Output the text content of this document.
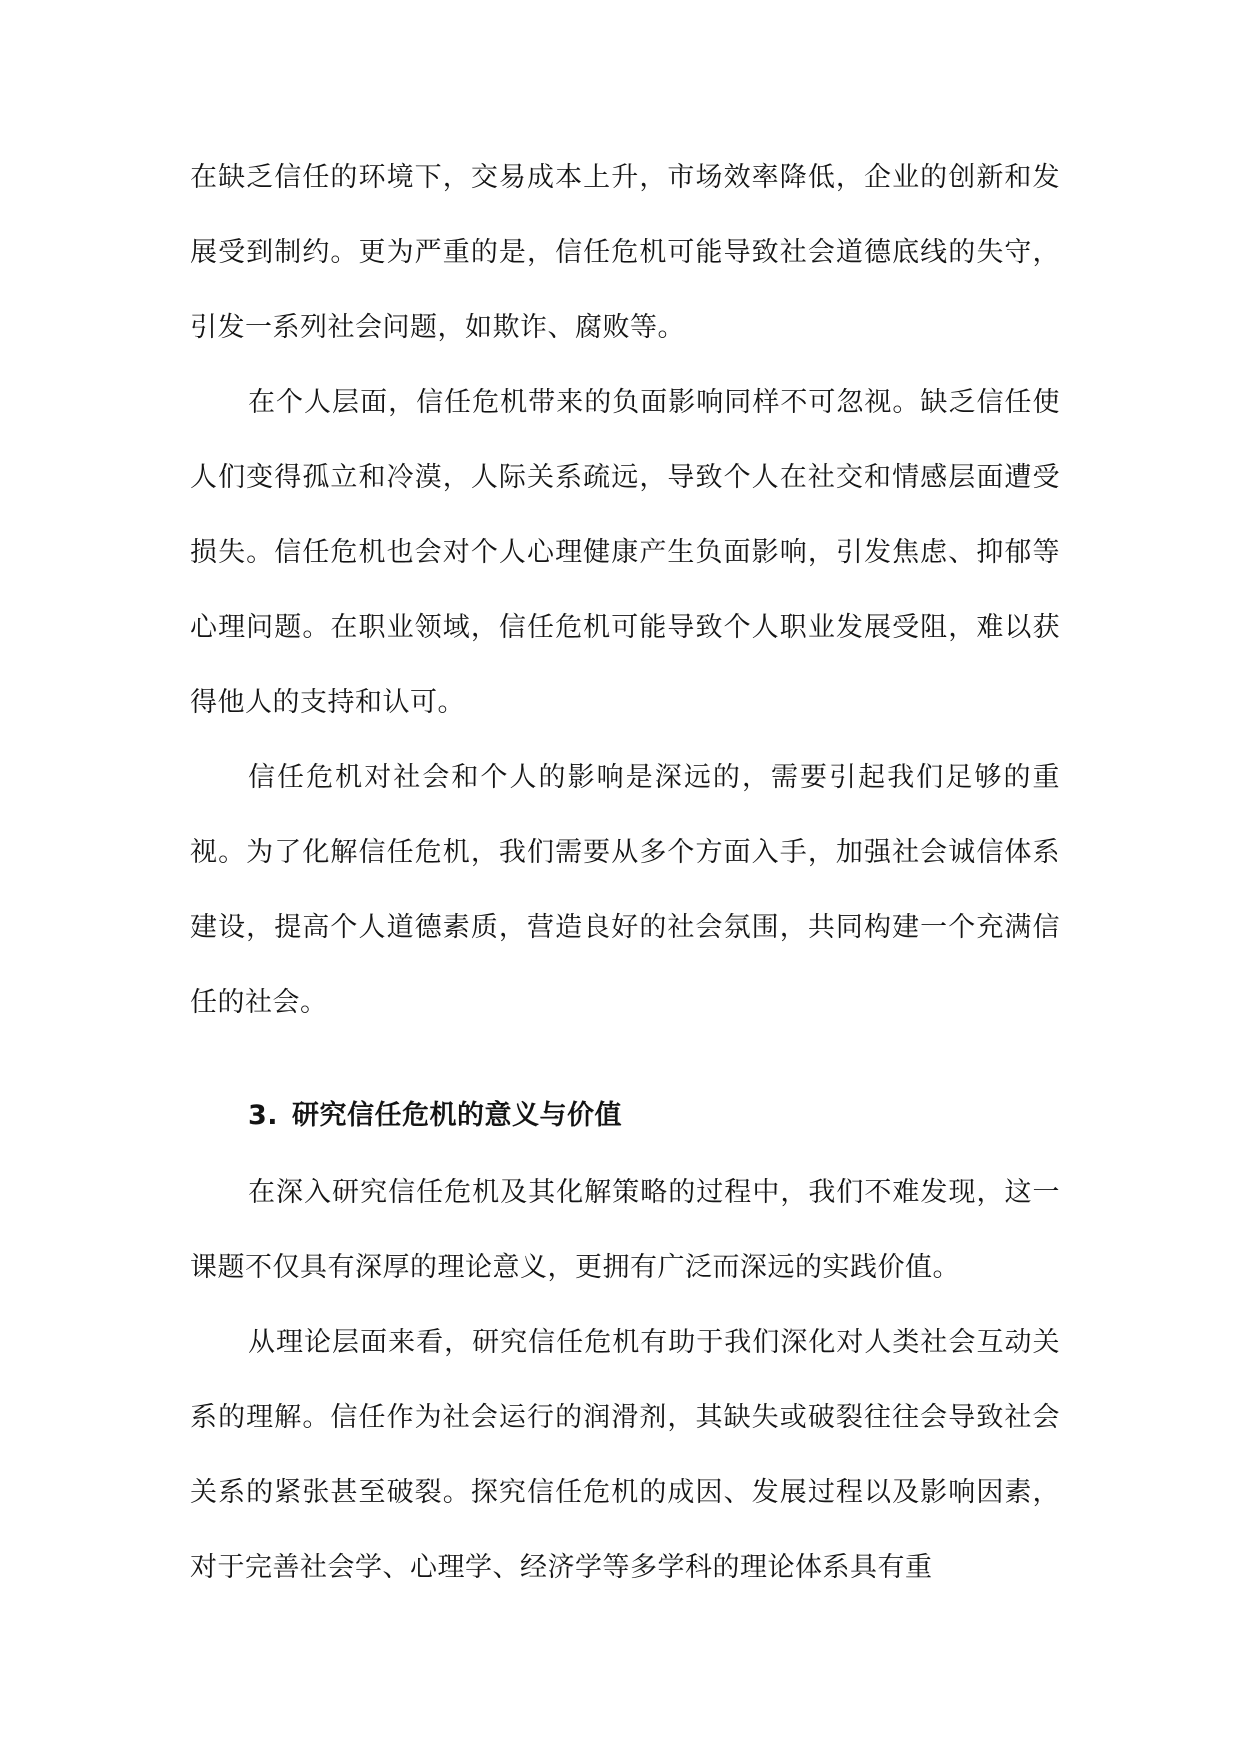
在缺乏信任的环境下，交易成本上升，市场效率降低，企业的创新和发展受到制约。更为严重的是，信任危机可能导致社会道德底线的失守，引发一系列社会问题，如欺诈、腐败等。

在个人层面，信任危机带来的负面影响同样不可忽视。缺乏信任使人们变得孤立和冷漠，人际关系疏远，导致个人在社交和情感层面遭受损失。信任危机也会对个人心理健康产生负面影响，引发焦虑、抑郁等心理问题。在职业领域，信任危机可能导致个人职业发展受阻，难以获得他人的支持和认可。

信任危机对社会和个人的影响是深远的，需要引起我们足够的重视。为了化解信任危机，我们需要从多个方面入手，加强社会诚信体系建设，提高个人道德素质，营造良好的社会氛围，共同构建一个充满信任的社会。

3. 研究信任危机的意义与价值

在深入研究信任危机及其化解策略的过程中，我们不难发现，这一课题不仅具有深厚的理论意义，更拥有广泛而深远的实践价值。

从理论层面来看，研究信任危机有助于我们深化对人类社会互动关系的理解。信任作为社会运行的润滑剂，其缺失或破裂往往会导致社会关系的紧张甚至破裂。探究信任危机的成因、发展过程以及影响因素，对于完善社会学、心理学、经济学等多学科的理论体系具有重
